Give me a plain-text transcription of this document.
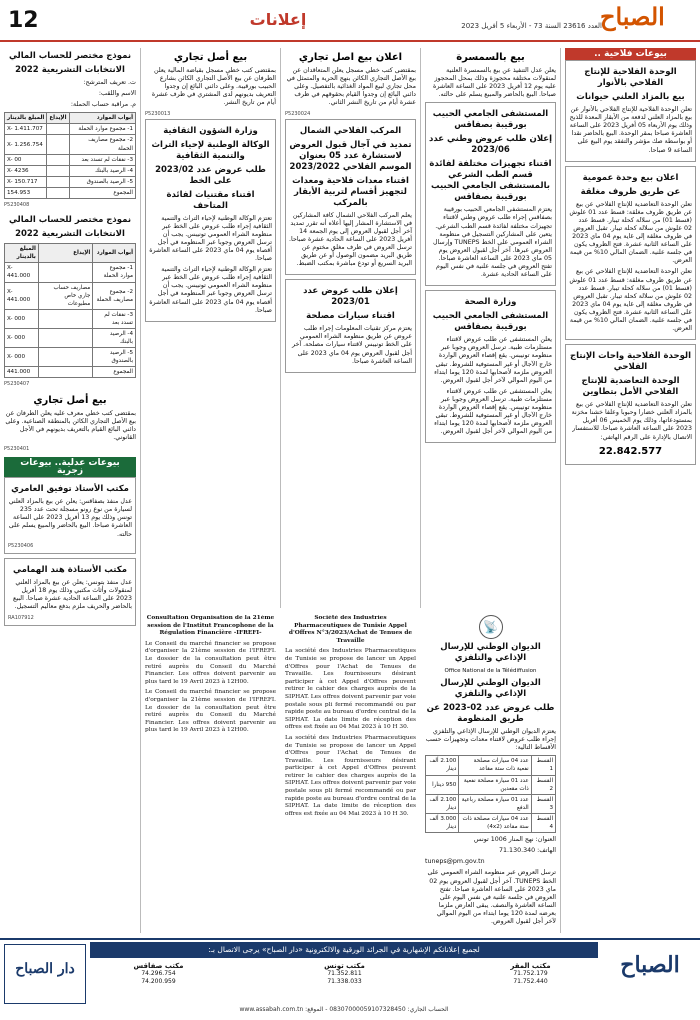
12	إعلانات	العدد 23616 السنة 73 - الأربعاء 5 أفريل 2023
الصباح
بيوعات فلاحية ..
الوحدة الفلاحية للإنتاج الفلاحي بالأنوار
بيع بالمزاد العلني حيوانات

تعلن الوحدة الفلاحية للإنتاج الفلاحي بالأنوار عن بيع بالمزاد العلني لدفعة من الأبقار المعدة للذبح وذلك يوم الأربعاء 05 أفريل 2023 على الساعة العاشرة صباحا بمقر الوحدة. البيع بالحاضر نقدا أو بواسطة صك مؤشر والتفقد يوم البيع على الساعة 9 صباحا.

اعلان بيع وحدة عمومية
عن طريق ظروف مغلقة

تعلن الوحدة التعاضدية للإنتاج الفلاحي عن بيع عن طريق ظروف مغلقة: قسط عدد 01 علوش (قسط 01) من سلالة كحلة تيبار. قسط عدد 02 علوش من سلالة كحلة تيبار. تقبل العروض في ظروف مغلقة إلى غاية يوم 04 ماي 2023 على الساعة الثانية عشرة. فتح الظروف يكون في جلسة علنية. الضمان المالي 10% من قيمة العرض.

تعلن الوحدة التعاضدية للإنتاج الفلاحي عن بيع عن طريق ظروف مغلقة: قسط عدد 01 علوش (قسط 01) من سلالة كحلة تيبار. قسط عدد 02 علوش من سلالة كحلة تيبار. تقبل العروض في ظروف مغلقة إلى غاية يوم 04 ماي 2023 على الساعة الثانية عشرة. فتح الظروف يكون في جلسة علنية. الضمان المالي 10% من قيمة العرض.

الوحدة الفلاحية واحات الإنتاج الفلاحي
الوحدة التعاضدية للإنتاج الفلاحي الأمل بتطاوين

تعلن الوحدة التعاضدية للإنتاج الفلاحي عن بيع بالمزاد العلني خضارا وحبوبا وعلفا خشنا مخزنة بمستودعاتها، وذلك يوم الخميس 06 أفريل 2023 على الساعة العاشرة صباحا. للاستفسار الاتصال بالإدارة على الرقم الهاتفي:

22.842.577
بيع بالسمسرة

يعلن عدل التنفيذ عن بيع بالسمسرة العلنية لمنقولات مختلفة محجوزة وذلك بمحل المحجوز عليه يوم 12 أفريل 2023 على الساعة العاشرة صباحا. البيع بالحاضر والمبيع يسلم على حالته.

المستشفى الجامعي الحبيب بورقيبة بصفاقس
إعلان طلب عروض وطني عدد 2023/06
اقتناء تجهيزات مختلفة لفائدة قسم الطب الشرعي بالمستشفى الجامعي الحبيب بورقيبة بصفاقس

يعتزم المستشفى الجامعي الحبيب بورقيبة بصفاقس إجراء طلب عروض وطني لاقتناء تجهيزات مختلفة لفائدة قسم الطب الشرعي. يتعين على المشاركين التسجيل في منظومة الشراء العمومي على الخط TUNEPS وإرسال العروض عبرها. آخر أجل لقبول العروض يوم 05 ماي 2023 على الساعة العاشرة صباحا. تفتح العروض في جلسة علنية في نفس اليوم على الساعة الحادية عشرة.

وزارة الصحة
المستشفى الجامعي الحبيب بورقيبة بصفاقس

يعلن المستشفى عن طلب عروض لاقتناء مستلزمات طبية. ترسل العروض وجوبا عبر منظومة تونيبس. يقع إقصاء العروض الواردة خارج الآجال أو غير المستوفية للشروط. تبقى العروض ملزمة لأصحابها لمدة 120 يوما ابتداء من اليوم الموالي لآخر أجل لقبول العروض.

يعلن المستشفى عن طلب عروض لاقتناء مستلزمات طبية. ترسل العروض وجوبا عبر منظومة تونيبس. يقع إقصاء العروض الواردة خارج الآجال أو غير المستوفية للشروط. تبقى العروض ملزمة لأصحابها لمدة 120 يوما ابتداء من اليوم الموالي لآخر أجل لقبول العروض.

اعلان بيع اصل تجاري

بمقتضى كتب خطي مسجل يعلن المتعاقدان عن بيع الأصل التجاري الكائن بنهج الحرية والمتمثل في محل تجاري لبيع المواد الغذائية بالتفصيل. وعلى دائني البائع إن وجدوا القيام بحقوقهم في ظرف عشرة أيام من تاريخ النشر الثاني.

P5230024
المركب الفلاحي الشمال
تمديد في آجال قبول العروض لاستشارة عدد 05 بعنوان الموسم الفلاحي 2023/2022
اقتناء معدات فلاحية ومعدات لتجهيز أقسام لتربية الأبقار بالمركب

يعلم المركب الفلاحي الشمال كافة المشاركين في الاستشارة المشار إليها أعلاه أنه تقرر تمديد آخر أجل لقبول العروض إلى يوم الجمعة 14 أفريل 2023 على الساعة الحادية عشرة صباحا. ترسل العروض في ظرف مغلق مختوم عن طريق البريد مضمون الوصول أو عن طريق البريد السريع أو تودع مباشرة بمكتب الضبط.

إعلان طلب عروض عدد 2023/01
اقتناء سيارات مصلحة

يعتزم مركز تقنيات المعلومات إجراء طلب عروض عن طريق منظومة الشراء العمومي على الخط تونيبس لاقتناء سيارات مصلحة. آخر أجل لقبول العروض يوم 04 ماي 2023 على الساعة العاشرة صباحا.

بيع أصل تجاري

بمقتضى كتب خطي مسجل بقباضة المالية يعلن الطرفان عن بيع الأصل التجاري الكائن بشارع الحبيب بورقيبة. وعلى دائني البائع إن وجدوا التعريف بديونهم لدى المشتري في ظرف عشرة أيام من تاريخ النشر.

P5230013
وزارة الشؤون الثقافية
الوكالة الوطنية لإحياء التراث والتنمية الثقافية
طلب عروض عدد 2023/02 على الخط
اقتناء مقتنيات لفائدة المتاحف

تعتزم الوكالة الوطنية لإحياء التراث والتنمية الثقافية إجراء طلب عروض على الخط عبر منظومة الشراء العمومي تونيبس. يجب أن ترسل العروض وجوبا عبر المنظومة في أجل أقصاه يوم 04 ماي 2023 على الساعة العاشرة صباحا.

تعتزم الوكالة الوطنية لإحياء التراث والتنمية الثقافية إجراء طلب عروض على الخط عبر منظومة الشراء العمومي تونيبس. يجب أن ترسل العروض وجوبا عبر المنظومة في أجل أقصاه يوم 04 ماي 2023 على الساعة العاشرة صباحا.

Société des Industries Pharmaceutiques de Tunisie Appel d'Offres N°3/2023/Achat de Tenues de Travaille

La société des Industries Pharmaceutiques de Tunisie se propose de lancer un Appel d'Offres pour l'Achat de Tenues de Travaille. Les fournisseurs désirant participer à cet Appel d'Offres peuvent retirer le cahier des charges auprès de la SIPHAT. Les offres doivent parvenir par voie postale sous pli fermé recommandé ou par rapide poste au bureau d'ordre central de la SIPHAT. La date limite de réception des offres est fixée au 04 Mai 2023 à 10 H 30.

La société des Industries Pharmaceutiques de Tunisie se propose de lancer un Appel d'Offres pour l'Achat de Tenues de Travaille. Les fournisseurs désirant participer à cet Appel d'Offres peuvent retirer le cahier des charges auprès de la SIPHAT. Les offres doivent parvenir par voie postale sous pli fermé recommandé ou par rapide poste au bureau d'ordre central de la SIPHAT. La date limite de réception des offres est fixée au 04 Mai 2023 à 10 H 30.

Consultation Organisation de la 21ème session de l'Institut Francophone de la Régulation Financière -IFREFI-

Le Conseil du marché financier se propose d'organiser la 21ème session de l'IFREFI. Le dossier de la consultation peut être retiré auprès du Conseil du Marché Financier. Les offres doivent parvenir au plus tard le 19 Avril 2023 à 12H00.

Le Conseil du marché financier se propose d'organiser la 21ème session de l'IFREFI. Le dossier de la consultation peut être retiré auprès du Conseil du Marché Financier. Les offres doivent parvenir au plus tard le 19 Avril 2023 à 12H00.

📡
الديوان الوطني للإرسال الإذاعي والتلفزي
Office National de la Télédiffusion
الديوان الوطني للإرسال الإذاعي والتلفزي
طلب عروض عدد 02-2023 عن طريق المنظومة

يعتزم الديوان الوطني للإرسال الإذاعي والتلفزي إجراء طلب عروض لاقتناء معدات وتجهيزات حسب الأقساط التالية:

القسط 1	عدد 04 سيارات مصلحة نفعية ذات ستة مقاعد	2.100 ألف دينار
القسط 2	عدد 01 سيارة مصلحة نفعية ذات مقعدين	950 دينارا
القسط 3	عدد 01 سيارة مصلحة رباعية الدفع	2.100 ألف دينار
القسط 4	عدد 04 سيارات مصلحة ذات ستة مقاعد (4x2)	3.000 ألف دينار

العنوان: نهج المنار 1006 تونس

الهاتف: 71.130.340

tuneps@pm.gov.tn

ترسل العروض عبر منظومة الشراء العمومي على الخط TUNEPS. آخر أجل لقبول العروض يوم 02 ماي 2023 على الساعة العاشرة صباحا. تفتح العروض في جلسة علنية في نفس اليوم على الساعة العاشرة والنصف. يبقى العارض ملزما بعرضه لمدة 120 يوما ابتداء من اليوم الموالي لآخر أجل لقبول العروض.

نموذج مختصر للحساب المالي
الانتخابات التشريعية 2022

ت. تعريف المترشح:

الاسم واللقب:

م. مراقبة حساب الحملة:

أبواب الموارد	الإيداع	المبلغ بالدينار
1- مجموع موارد الحملة		X- 1.411.707
2- مجموع مصاريف الحملة		X- 1.256.754
3- نفقات لم تسدد بعد		X- 00
4- الرصيد بالبنك		X- 4236
5- الرصيد بالصندوق		X- 150.717
المجموع		154.953
P5230408
نموذج مختصر للحساب المالي
الانتخابات التشريعية 2022
أبواب الموارد	الإيداع	المبلغ بالدينار
1- مجموع موارد الحملة		X- 441.000
2- مجموع مصاريف الحملة	مصاريف حساب جاري خاص مطبوعات	X- 441.000
3- نفقات لم تسدد بعد		X- 000
4- الرصيد بالبنك		X- 000
5- الرصيد بالصندوق		X- 000
المجموع		441.000
P5230407
بيع أصل تجاري

بمقتضى كتب خطي معرف عليه يعلن الطرفان عن بيع الأصل التجاري الكائن بالمنطقة الصناعية. وعلى دائني البائع القيام بالتعريف بديونهم في الأجل القانوني.

P5230401
بيوعات عدلية.. بيوعات زجرية
مكتب الأستاذ توفيق العامري

عدل منفذ بصفاقس: يعلن عن بيع بالمزاد العلني لسيارة من نوع رونو مسجلة تحت عدد 235 تونس وذلك يوم 13 أفريل 2023 على الساعة العاشرة صباحا. البيع بالحاضر والمبيع يسلم على حالته.

P5230406
مكتب الأستاذة هند الهمامي

عدل منفذ بتونس: يعلن عن بيع بالمزاد العلني لمنقولات وأثاث مكتبي وذلك يوم 18 أفريل 2023 على الساعة الحادية عشرة صباحا. البيع بالحاضر والحريف ملزم بدفع معاليم التسجيل.

RA107912
دار الصباح
لجميع إعلاناتكم الإشهارية في الجرائد الورقية والالكترونية «دار الصباح» يرجى الاتصال بـ:
مكتب المقر
71.752.179
71.752.440
مكتب تونس
71.352.811
71.338.033
مكتب صفاقس
74.296.754
74.200.959
الصباح
الحساب الجاري: 08307000059107328450 - الموقع: www.assabah.com.tn
